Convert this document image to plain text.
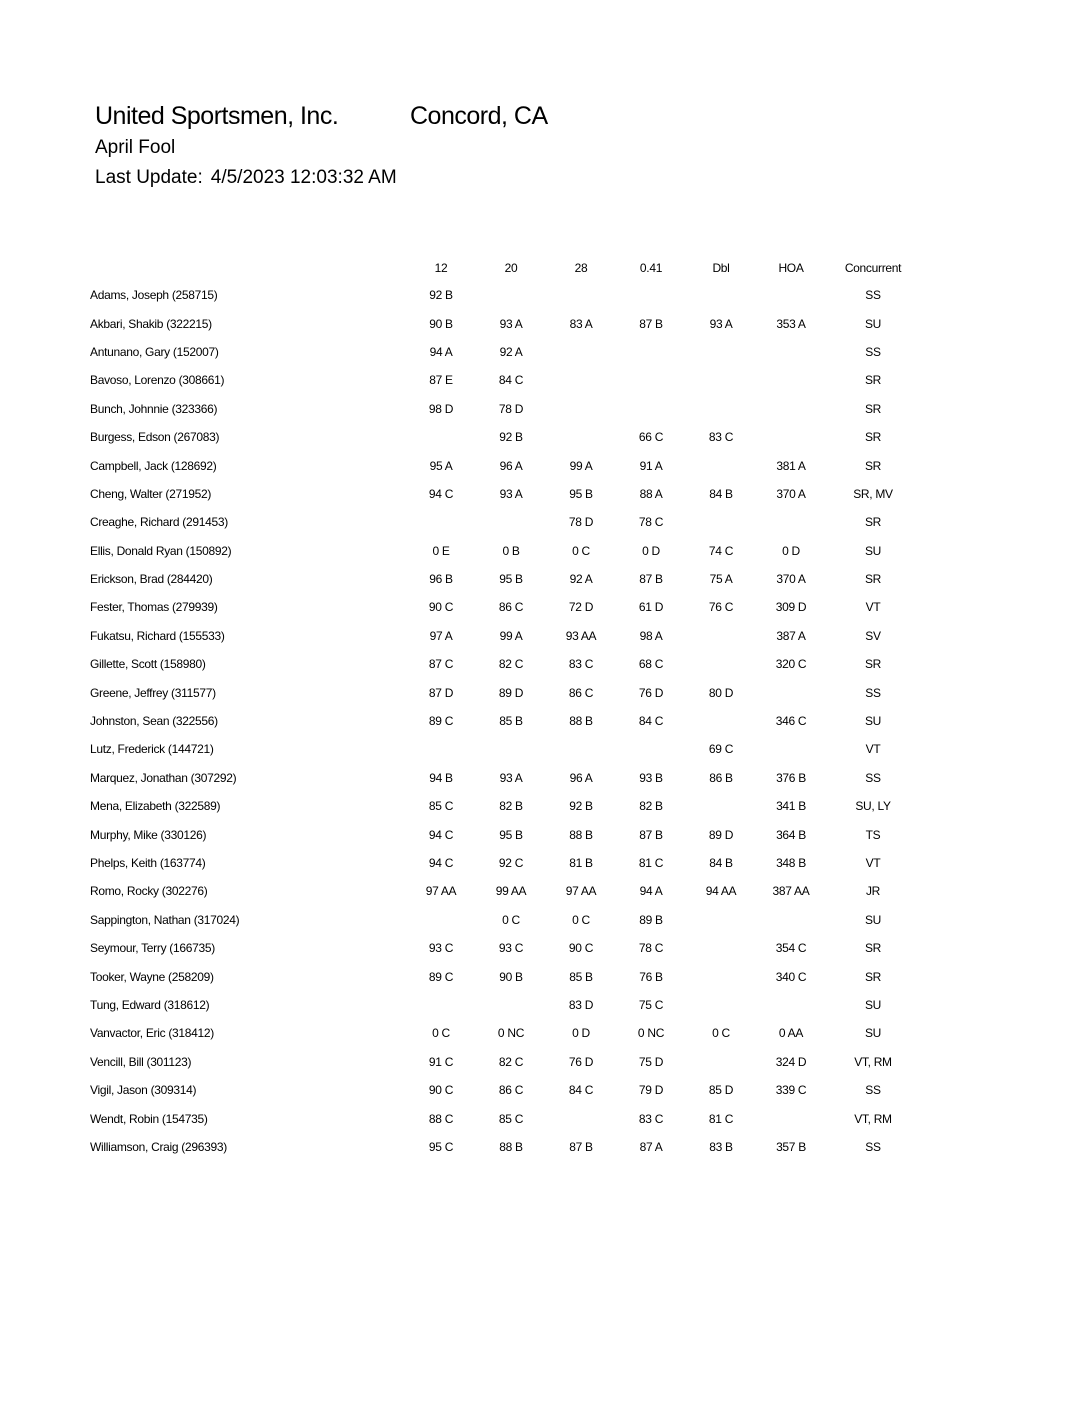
United Sportsmen, Inc.	Concord, CA
April Fool
Last Update: 4/5/2023 12:03:32 AM
	12	20	28	0.41	Dbl	HOA	Concurrent
Adams, Joseph (258715)	92 B						SS
Akbari, Shakib (322215)	90 B	93 A	83 A	87 B	93 A	353 A	SU
Antunano, Gary (152007)	94 A	92 A					SS
Bavoso, Lorenzo (308661)	87 E	84 C					SR
Bunch, Johnnie (323366)	98 D	78 D					SR
Burgess, Edson (267083)		92 B		66 C	83 C		SR
Campbell, Jack (128692)	95 A	96 A	99 A	91 A		381 A	SR
Cheng, Walter (271952)	94 C	93 A	95 B	88 A	84 B	370 A	SR, MV
Creaghe, Richard (291453)			78 D	78 C			SR
Ellis, Donald Ryan (150892)	0 E	0 B	0 C	0 D	74 C	0 D	SU
Erickson, Brad (284420)	96 B	95 B	92 A	87 B	75 A	370 A	SR
Fester, Thomas (279939)	90 C	86 C	72 D	61 D	76 C	309 D	VT
Fukatsu, Richard (155533)	97 A	99 A	93 AA	98 A		387 A	SV
Gillette, Scott (158980)	87 C	82 C	83 C	68 C		320 C	SR
Greene, Jeffrey (311577)	87 D	89 D	86 C	76 D	80 D		SS
Johnston, Sean (322556)	89 C	85 B	88 B	84 C		346 C	SU
Lutz, Frederick (144721)					69 C		VT
Marquez, Jonathan (307292)	94 B	93 A	96 A	93 B	86 B	376 B	SS
Mena, Elizabeth (322589)	85 C	82 B	92 B	82 B		341 B	SU, LY
Murphy, Mike (330126)	94 C	95 B	88 B	87 B	89 D	364 B	TS
Phelps, Keith (163774)	94 C	92 C	81 B	81 C	84 B	348 B	VT
Romo, Rocky (302276)	97 AA	99 AA	97 AA	94 A	94 AA	387 AA	JR
Sappington, Nathan (317024)		0 C	0 C	89 B			SU
Seymour, Terry (166735)	93 C	93 C	90 C	78 C		354 C	SR
Tooker, Wayne (258209)	89 C	90 B	85 B	76 B		340 C	SR
Tung, Edward (318612)			83 D	75 C			SU
Vanvactor, Eric (318412)	0 C	0 NC	0 D	0 NC	0 C	0 AA	SU
Vencill, Bill (301123)	91 C	82 C	76 D	75 D		324 D	VT, RM
Vigil, Jason (309314)	90 C	86 C	84 C	79 D	85 D	339 C	SS
Wendt, Robin (154735)	88 C	85 C		83 C	81 C		VT, RM
Williamson, Craig (296393)	95 C	88 B	87 B	87 A	83 B	357 B	SS
